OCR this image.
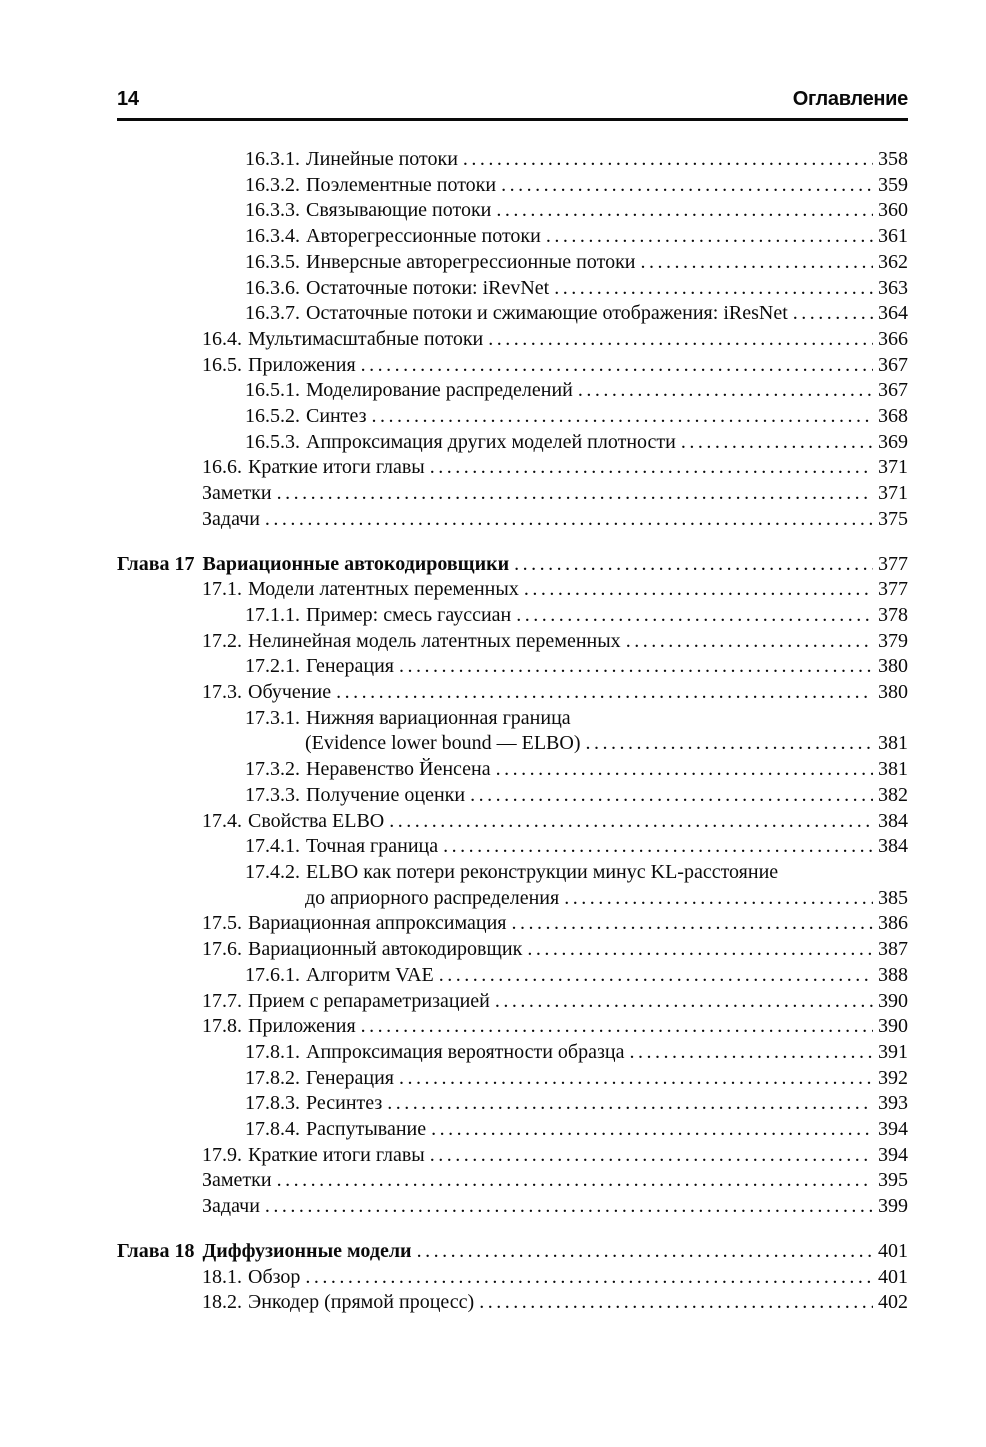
14	Оглавление
16.3.1. Линейные потоки .....	358
16.3.2. Поэлементные потоки .....	359
16.3.3. Связывающие потоки .....	360
16.3.4. Авторегрессионные потоки .....	361
16.3.5. Инверсные авторегрессионные потоки .....	362
16.3.6. Остаточные потоки: iRevNet .....	363
16.3.7. Остаточные потоки и сжимающие отображения: iResNet .....	364
16.4. Мультимасштабные потоки .....	366
16.5. Приложения .....	367
16.5.1. Моделирование распределений .....	367
16.5.2. Синтез .....	368
16.5.3. Аппроксимация других моделей плотности .....	369
16.6. Краткие итоги главы .....	371
Заметки .....	371
Задачи .....	375
Глава 17 Вариационные автокодировщики .....	377
17.1. Модели латентных переменных .....	377
17.1.1. Пример: смесь гауссиан .....	378
17.2. Нелинейная модель латентных переменных .....	379
17.2.1. Генерация .....	380
17.3. Обучение .....	380
17.3.1. Нижняя вариационная граница
(Evidence lower bound — ELBO) .....	381
17.3.2. Неравенство Йенсена .....	381
17.3.3. Получение оценки .....	382
17.4. Свойства ELBO .....	384
17.4.1. Точная граница .....	384
17.4.2. ELBO как потери реконструкции минус KL-расстояние
до априорного распределения .....	385
17.5. Вариационная аппроксимация .....	386
17.6. Вариационный автокодировщик .....	387
17.6.1. Алгоритм VAE .....	388
17.7. Прием с репараметризацией .....	390
17.8. Приложения .....	390
17.8.1. Аппроксимация вероятности образца .....	391
17.8.2. Генерация .....	392
17.8.3. Ресинтез .....	393
17.8.4. Распутывание .....	394
17.9. Краткие итоги главы .....	394
Заметки .....	395
Задачи .....	399
Глава 18 Диффузионные модели .....	401
18.1. Обзор .....	401
18.2. Энкодер (прямой процесс) .....	402
